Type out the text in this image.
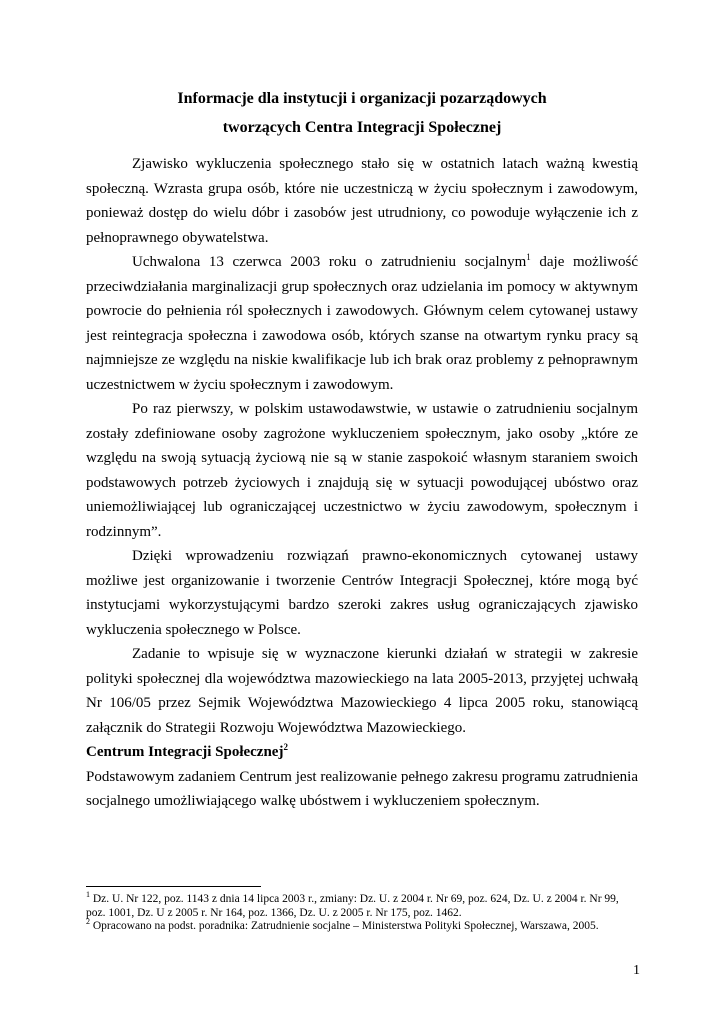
Informacje dla instytucji i organizacji pozarządowych
tworzących Centra Integracji Społecznej

Zjawisko wykluczenia społecznego stało się w ostatnich latach ważną kwestią społeczną. Wzrasta grupa osób, które nie uczestniczą w życiu społecznym i zawodowym, ponieważ dostęp do wielu dóbr i zasobów jest utrudniony, co powoduje wyłączenie ich z pełnoprawnego obywatelstwa.

Uchwalona 13 czerwca 2003 roku o zatrudnieniu socjalnym$^1$ daje możliwość przeciwdziałania marginalizacji grup społecznych oraz udzielania im pomocy w aktywnym powrocie do pełnienia ról społecznych i zawodowych. Głównym celem cytowanej ustawy jest reintegracja społeczna i zawodowa osób, których szanse na otwartym rynku pracy są najmniejsze ze względu na niskie kwalifikacje lub ich brak oraz problemy z pełnoprawnym uczestnictwem w życiu społecznym i zawodowym.

Po raz pierwszy, w polskim ustawodawstwie, w ustawie o zatrudnieniu socjalnym zostały zdefiniowane osoby zagrożone wykluczeniem społecznym, jako osoby „które ze względu na swoją sytuacją życiową nie są w stanie zaspokoić własnym staraniem swoich podstawowych potrzeb życiowych i znajdują się w sytuacji powodującej ubóstwo oraz uniemożliwiającej lub ograniczającej uczestnictwo w życiu zawodowym, społecznym i rodzinnym”.

Dzięki wprowadzeniu rozwiązań prawno-ekonomicznych cytowanej ustawy możliwe jest organizowanie i tworzenie Centrów Integracji Społecznej, które mogą być instytucjami wykorzystującymi bardzo szeroki zakres usług ograniczających zjawisko wykluczenia społecznego w Polsce.

Zadanie to wpisuje się w wyznaczone kierunki działań w strategii w zakresie polityki społecznej dla województwa mazowieckiego na lata 2005-2013, przyjętej uchwałą Nr 106/05 przez Sejmik Województwa Mazowieckiego 4 lipca 2005 roku, stanowiącą załącznik do Strategii Rozwoju Województwa Mazowieckiego.

Centrum Integracji Społecznej$^2$

Podstawowym zadaniem Centrum jest realizowanie pełnego zakresu programu zatrudnienia socjalnego umożliwiającego walkę ubóstwem i wykluczeniem społecznym.

$^1$ Dz. U. Nr 122, poz. 1143 z dnia 14 lipca 2003 r., zmiany: Dz. U. z 2004 r. Nr 69, poz. 624, Dz. U. z 2004 r. Nr 99, poz. 1001, Dz. U z 2005 r. Nr 164, poz. 1366, Dz. U. z 2005 r. Nr 175, poz. 1462.
$^2$ Opracowano na podst. poradnika: Zatrudnienie socjalne – Ministerstwa Polityki Społecznej, Warszawa, 2005.
1
